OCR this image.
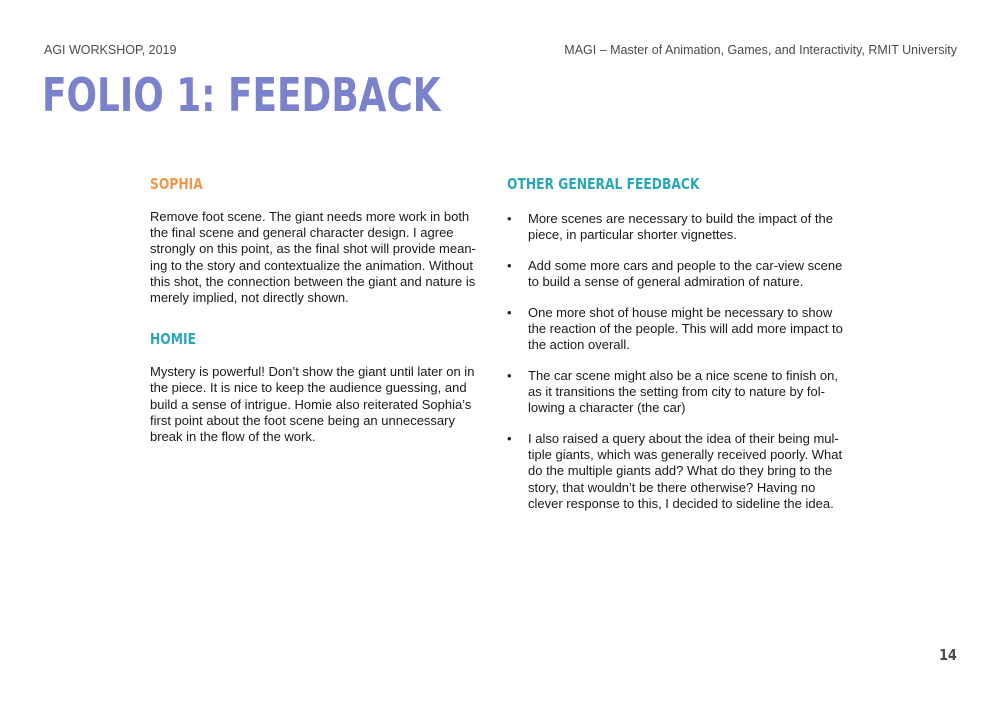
AGI WORKSHOP, 2019	MAGI – Master of Animation, Games, and Interactivity, RMIT University
FOLIO 1: FEEDBACK
SOPHIA

Remove foot scene. The giant needs more work in both
the final scene and general character design. I agree
strongly on this point, as the final shot will provide mean-
ing to the story and contextualize the animation. Without
this shot, the connection between the giant and nature is
merely implied, not directly shown.

HOMIE

Mystery is powerful! Don’t show the giant until later on in
the piece. It is nice to keep the audience guessing, and
build a sense of intrigue. Homie also reiterated Sophia’s
first point about the foot scene being an unnecessary
break in the flow of the work.

OTHER GENERAL FEEDBACK
• More scenes are necessary to build the impact of the
piece, in particular shorter vignettes.
• Add some more cars and people to the car-view scene
to build a sense of general admiration of nature.
• One more shot of house might be necessary to show
the reaction of the people. This will add more impact to
the action overall.
• The car scene might also be a nice scene to finish on,
as it transitions the setting from city to nature by fol-
lowing a character (the car)
• I also raised a query about the idea of their being mul-
tiple giants, which was generally received poorly. What
do the multiple giants add? What do they bring to the
story, that wouldn’t be there otherwise? Having no
clever response to this, I decided to sideline the idea.
14
